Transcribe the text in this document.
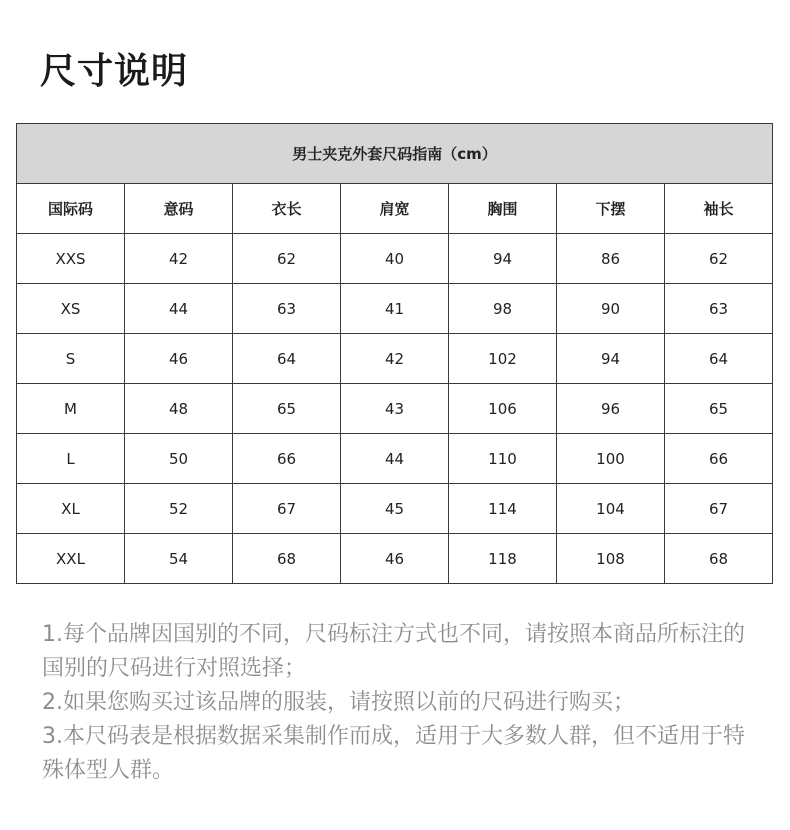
尺寸说明
男士夹克外套尺码指南（cm）						
国际码	意码	衣长	肩宽	胸围	下摆	袖长
XXS	42	62	40	94	86	62
XS	44	63	41	98	90	63
S	46	64	42	102	94	64
M	48	65	43	106	96	65
L	50	66	44	110	100	66
XL	52	67	45	114	104	67
XXL	54	68	46	118	108	68

1.每个品牌因国别的不同，尺码标注方式也不同，请按照本商品所标注的国别的尺码进行对照选择；

2.如果您购买过该品牌的服装，请按照以前的尺码进行购买；

3.本尺码表是根据数据采集制作而成，适用于大多数人群，但不适用于特殊体型人群。
